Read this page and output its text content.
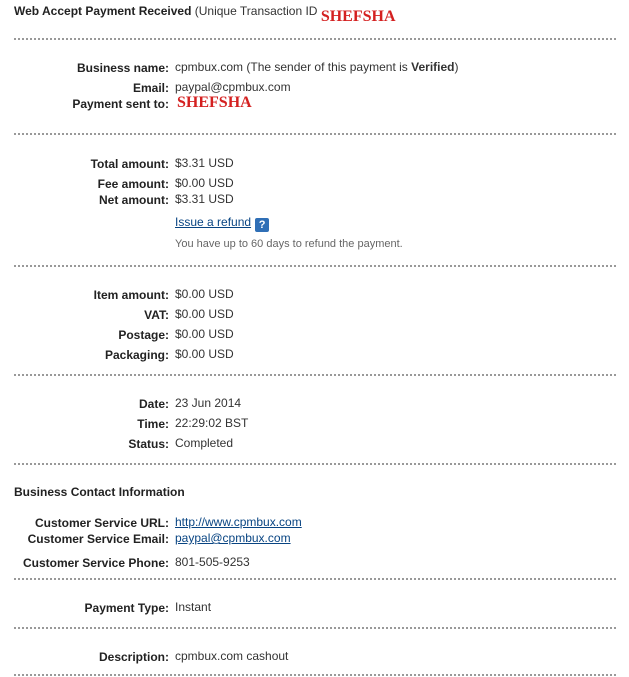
Web Accept Payment Received (Unique Transaction ID SHEFSHA
Business name: cpmbux.com (The sender of this payment is Verified)
Email: paypal@cpmbux.com
Payment sent to: SHEFSHA
Total amount: $3.31 USD
Fee amount: $0.00 USD
Net amount: $3.31 USD
Issue a refund ?
You have up to 60 days to refund the payment.
Item amount: $0.00 USD
VAT: $0.00 USD
Postage: $0.00 USD
Packaging: $0.00 USD
Date: 23 Jun 2014
Time: 22:29:02 BST
Status: Completed
Business Contact Information
Customer Service URL: http://www.cpmbux.com
Customer Service Email: paypal@cpmbux.com
Customer Service Phone: 801-505-9253
Payment Type: Instant
Description: cpmbux.com cashout
